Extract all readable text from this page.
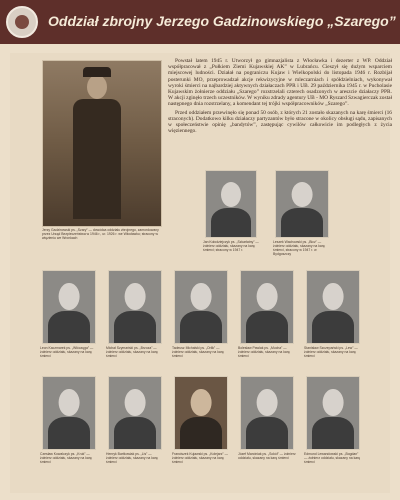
Oddział zbrojny Jerzego Gadzinowskiego „Szarego”

Powstał latem 1945 r. Utworzył go gimnazjalista z Włocławka i dezerter z WP. Oddział współpracował z „Pułkiem Ziemi Kujawskiej AK” w Lubrańcu. Cieszył się dużym wsparciem miejscowej ludności. Działał na pograniczu Kujaw i Wielkopolski do listopada 1946 r. Rozbijał posterunki MO, przeprowadzał akcje rekwizycyjne w mleczarniach i spółdzielniach, wykonywał wyroki śmierci na najbardziej aktywnych działaczach PPR i UB. 29 października 1945 r. w Pucholasie Kujawskim żołnierze oddziału „Szarego” rozstrzelali czterech osadzonych w areszcie działaczy PPR. W akcji zginęło trzech uczestników. W wyniku zdrady agentury UB - MO Ryszard Szwagierczak został następnego dnia rozstrzelany, a komendant tej trójki współpracowników „Szarego”.

Przed oddziałem przewinęło się ponad 50 osób, z których 21 zostało skazanych na karę śmierci (16 straconych). Dodatkowo kilku działaczy partyzantów było stracone w okolicy obsługi sądu, zapisanych w społeczeństwie opinię „bandytów”, zastępując cywilów całkowicie im podległych z życia więziennego.

Jerzy Gadzinowski ps. „Szary” — dowódca oddziału zbrojnego, zamordowany przez Urząd Bezpieczeństwa w 1946 r., ur. 1926 r. we Włocławku; stracony w więzieniu we Wronkach
Jan Kołodziejczyk ps. „Szkarłatny” — żołnierz oddziału, skazany na karę śmierci; stracony w 1947 r.
Leszek Wachowski ps. „Bicz” — żołnierz oddziału, skazany na karę śmierci, stracony w 1947 r. w Bydgoszczy
Leon Kaczmarek ps. „Włóczęga” — żołnierz oddziału, skazany na karę śmierci
Michał Szymański ps. „Brzoza” — żołnierz oddziału, skazany na karę śmierci
Tadeusz Michalski ps. „Orlik” — żołnierz oddziału, skazany na karę śmierci
Bolesław Pawlak ps. „Mucha” — żołnierz oddziału, skazany na karę śmierci
Stanisław Szczepański ps. „Lew” — żołnierz oddziału, skazany na karę śmierci
Czesław Kowalczyk ps. „Kruk” — żołnierz oddziału, skazany na karę śmierci
Henryk Bartkowiak ps. „Lis” — żołnierz oddziału, skazany na karę śmierci
Franciszek Kujawski ps. „Kolejarz” — żołnierz oddziału, skazany na karę śmierci
Józef Marciniak ps. „Sokół” — żołnierz oddziału, skazany na karę śmierci
Edmund Lewandowski ps. „Bogdan” — żołnierz oddziału, skazany na karę śmierci
